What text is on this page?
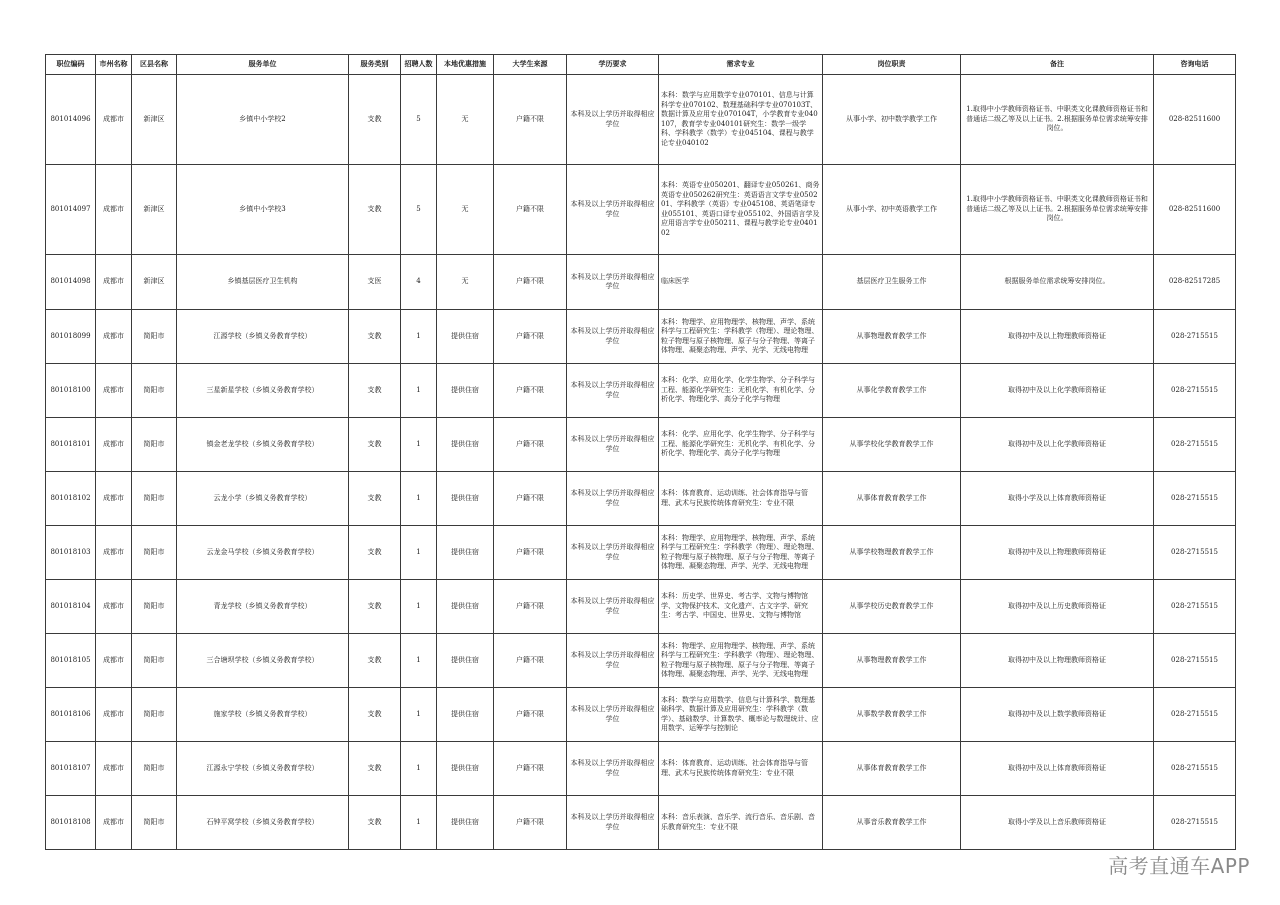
职位编码	市州名称	区县名称	服务单位	服务类别	招聘人数	本地优惠措施	大学生来源	学历要求	需求专业	岗位职责	备注	咨询电话
801014096	成都市	新津区	乡镇中小学校2	支教	5	无	户籍不限	本科及以上学历并取得相应学位	本科：数学与应用数学专业070101、信息与计算科学专业070102、数理基础科学专业070103T、数据计算及应用专业070104T，小学教育专业040107，教育学专业040101研究生：数学一级学科、学科教学（数学）专业045104、课程与教学论专业040102	从事小学、初中数学教学工作	1.取得中小学教师资格证书、中职类文化课教师资格证书和普通话二级乙等及以上证书。2.根据服务单位需求统筹安排岗位。	028-82511600
801014097	成都市	新津区	乡镇中小学校3	支教	5	无	户籍不限	本科及以上学历并取得相应学位	本科：英语专业050201、翻译专业050261、商务英语专业050262研究生：英语语言文学专业050201、学科教学（英语）专业045108、英语笔译专业055101、英语口译专业055102、外国语言学及应用语言学专业050211、课程与教学论专业040102	从事小学、初中英语教学工作	1.取得中小学教师资格证书、中职类文化课教师资格证书和普通话二级乙等及以上证书。2.根据服务单位需求统筹安排岗位。	028-82511600
801014098	成都市	新津区	乡镇基层医疗卫生机构	支医	4	无	户籍不限	本科及以上学历并取得相应学位	临床医学	基层医疗卫生服务工作	根据服务单位需求统筹安排岗位。	028-82517285
801018099	成都市	简阳市	江源学校（乡镇义务教育学校）	支教	1	提供住宿	户籍不限	本科及以上学历并取得相应学位	本科：物理学、应用物理学、核物理、声学、系统科学与工程研究生：学科教学（物理）、理论物理、粒子物理与原子核物理、原子与分子物理、等离子体物理、凝聚态物理、声学、光学、无线电物理	从事物理教育教学工作	取得初中及以上物理教师资格证	028-2715515
801018100	成都市	简阳市	三星新星学校（乡镇义务教育学校）	支教	1	提供住宿	户籍不限	本科及以上学历并取得相应学位	本科：化学、应用化学、化学生物学、分子科学与工程、能源化学研究生：无机化学、有机化学、分析化学、物理化学、高分子化学与物理	从事化学教育教学工作	取得初中及以上化学教师资格证	028-2715515
801018101	成都市	简阳市	镇金老龙学校（乡镇义务教育学校）	支教	1	提供住宿	户籍不限	本科及以上学历并取得相应学位	本科：化学、应用化学、化学生物学、分子科学与工程、能源化学研究生：无机化学、有机化学、分析化学、物理化学、高分子化学与物理	从事学校化学教育教学工作	取得初中及以上化学教师资格证	028-2715515
801018102	成都市	简阳市	云龙小学（乡镇义务教育学校）	支教	1	提供住宿	户籍不限	本科及以上学历并取得相应学位	本科：体育教育、运动训练、社会体育指导与管理、武术与民族传统体育研究生：专业不限	从事体育教育教学工作	取得小学及以上体育教师资格证	028-2715515
801018103	成都市	简阳市	云龙金马学校（乡镇义务教育学校）	支教	1	提供住宿	户籍不限	本科及以上学历并取得相应学位	本科：物理学、应用物理学、核物理、声学、系统科学与工程研究生：学科教学（物理）、理论物理、粒子物理与原子核物理、原子与分子物理、等离子体物理、凝聚态物理、声学、光学、无线电物理	从事学校物理教育教学工作	取得初中及以上物理教师资格证	028-2715515
801018104	成都市	简阳市	青龙学校（乡镇义务教育学校）	支教	1	提供住宿	户籍不限	本科及以上学历并取得相应学位	本科：历史学、世界史、考古学、文物与博物馆学、文物保护技术、文化遗产、古文字学、研究生：考古学、中国史、世界史、文物与博物馆	从事学校历史教育教学工作	取得初中及以上历史教师资格证	028-2715515
801018105	成都市	简阳市	三合塘坝学校（乡镇义务教育学校）	支教	1	提供住宿	户籍不限	本科及以上学历并取得相应学位	本科：物理学、应用物理学、核物理、声学、系统科学与工程研究生：学科教学（物理）、理论物理、粒子物理与原子核物理、原子与分子物理、等离子体物理、凝聚态物理、声学、光学、无线电物理	从事物理教育教学工作	取得初中及以上物理教师资格证	028-2715515
801018106	成都市	简阳市	施家学校（乡镇义务教育学校）	支教	1	提供住宿	户籍不限	本科及以上学历并取得相应学位	本科：数学与应用数学、信息与计算科学、数理基础科学、数据计算及应用研究生：学科教学（数学）、基础数学、计算数学、概率论与数理统计、应用数学、运筹学与控制论	从事数学教育教学工作	取得初中及以上数学教师资格证	028-2715515
801018107	成都市	简阳市	江源永宁学校（乡镇义务教育学校）	支教	1	提供住宿	户籍不限	本科及以上学历并取得相应学位	本科：体育教育、运动训练、社会体育指导与管理、武术与民族传统体育研究生：专业不限	从事体育教育教学工作	取得初中及以上体育教师资格证	028-2715515
801018108	成都市	简阳市	石钟平窝学校（乡镇义务教育学校）	支教	1	提供住宿	户籍不限	本科及以上学历并取得相应学位	本科：音乐表演、音乐学、流行音乐、音乐剧、音乐教育研究生：专业不限	从事音乐教育教学工作	取得小学及以上音乐教师资格证	028-2715515
高考直通车APP
